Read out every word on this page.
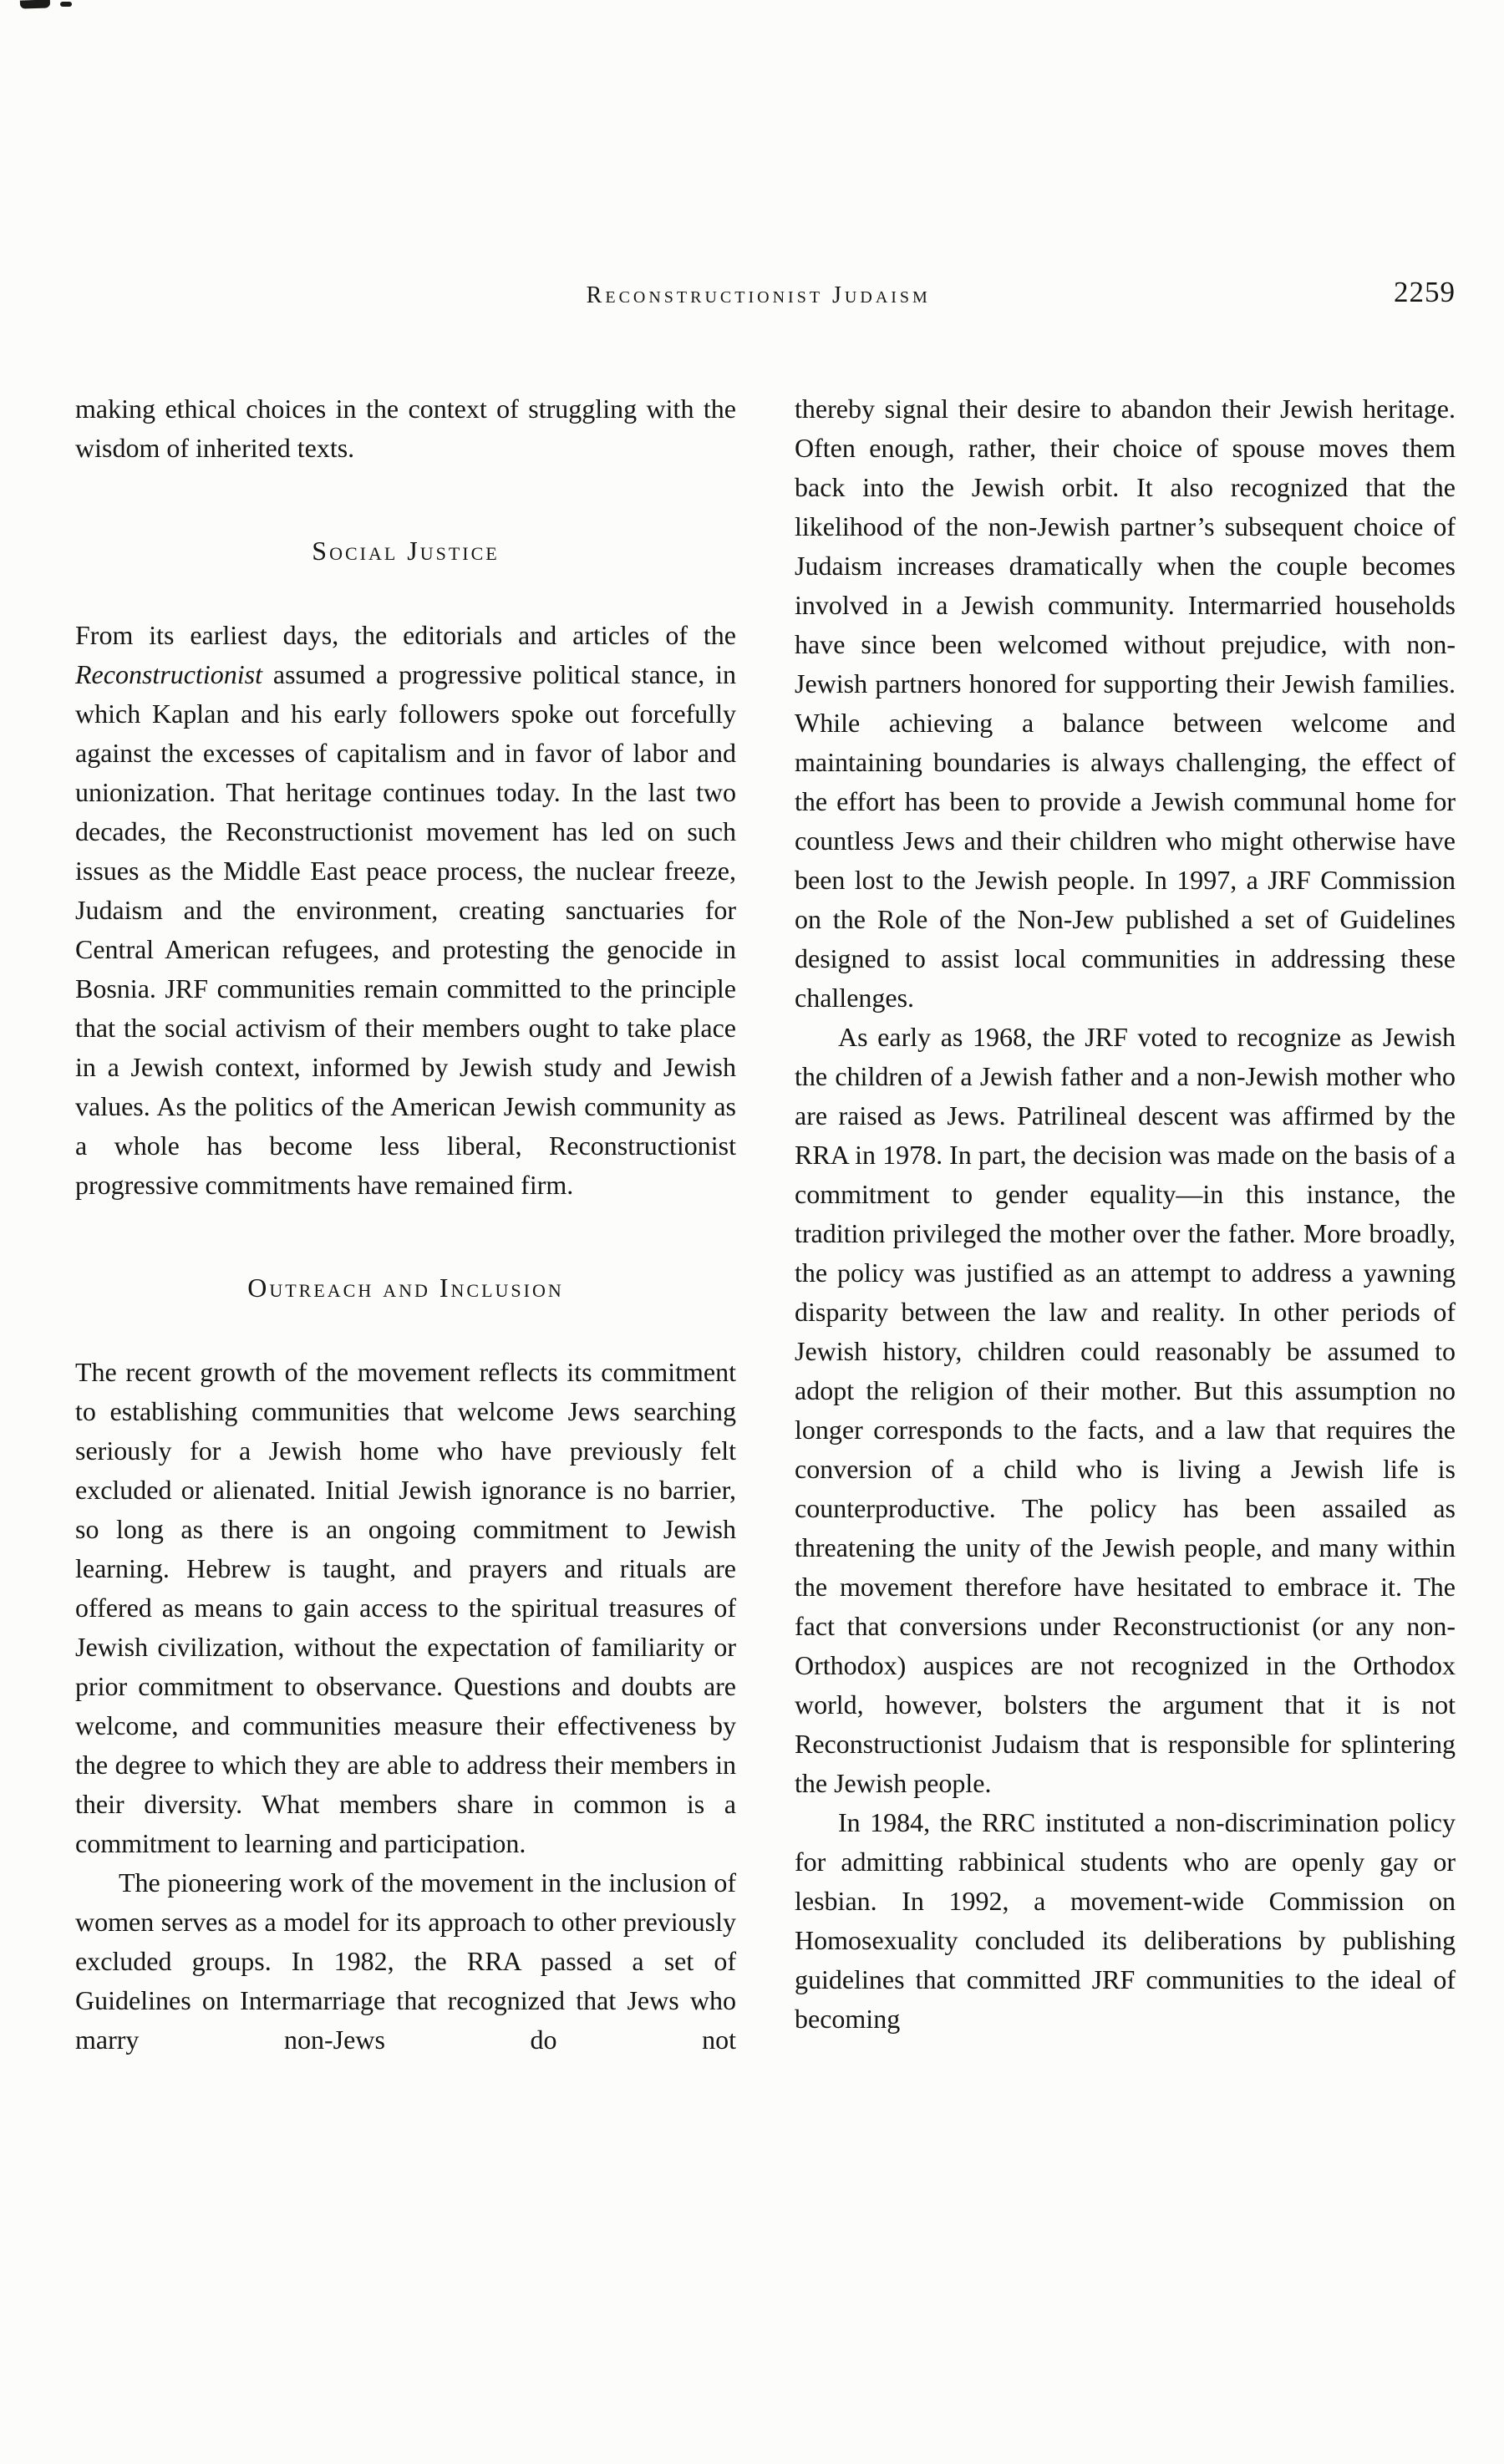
Reconstructionist Judaism	2259

making ethical choices in the context of struggling with the wisdom of inherited texts.

Social Justice

From its earliest days, the editorials and articles of the Reconstructionist assumed a progressive political stance, in which Kaplan and his early followers spoke out forcefully against the excesses of capitalism and in favor of labor and unionization. That heritage continues today. In the last two decades, the Reconstructionist movement has led on such issues as the Middle East peace process, the nuclear freeze, Judaism and the environment, creating sanctuaries for Central American refugees, and protesting the genocide in Bosnia. JRF communities remain committed to the principle that the social activism of their members ought to take place in a Jewish context, informed by Jewish study and Jewish values. As the politics of the American Jewish community as a whole has become less liberal, Reconstructionist progressive commitments have remained firm.

Outreach and Inclusion

The recent growth of the movement reflects its commitment to establishing communities that welcome Jews searching seriously for a Jewish home who have previously felt excluded or alienated. Initial Jewish ignorance is no barrier, so long as there is an ongoing commitment to Jewish learning. Hebrew is taught, and prayers and rituals are offered as means to gain access to the spiritual treasures of Jewish civilization, without the expectation of familiarity or prior commitment to observance. Questions and doubts are welcome, and communities measure their effectiveness by the degree to which they are able to address their members in their diversity. What members share in common is a commitment to learning and participation.

The pioneering work of the movement in the inclusion of women serves as a model for its approach to other previously excluded groups. In 1982, the RRA passed a set of Guidelines on Intermarriage that recognized that Jews who marry non-Jews do not

thereby signal their desire to abandon their Jewish heritage. Often enough, rather, their choice of spouse moves them back into the Jewish orbit. It also recognized that the likelihood of the non-Jewish partner’s subsequent choice of Judaism increases dramatically when the couple becomes involved in a Jewish community. Intermarried households have since been welcomed without prejudice, with non-Jewish partners honored for supporting their Jewish families. While achieving a balance between welcome and maintaining boundaries is always challenging, the effect of the effort has been to provide a Jewish communal home for countless Jews and their children who might otherwise have been lost to the Jewish people. In 1997, a JRF Commission on the Role of the Non-Jew published a set of Guidelines designed to assist local communities in addressing these challenges.

As early as 1968, the JRF voted to recognize as Jewish the children of a Jewish father and a non-Jewish mother who are raised as Jews. Patrilineal descent was affirmed by the RRA in 1978. In part, the decision was made on the basis of a commitment to gender equality—in this instance, the tradition privileged the mother over the father. More broadly, the policy was justified as an attempt to address a yawning disparity between the law and reality. In other periods of Jewish history, children could reasonably be assumed to adopt the religion of their mother. But this assumption no longer corresponds to the facts, and a law that requires the conversion of a child who is living a Jewish life is counterproductive. The policy has been assailed as threatening the unity of the Jewish people, and many within the movement therefore have hesitated to embrace it. The fact that conversions under Reconstructionist (or any non-Orthodox) auspices are not recognized in the Orthodox world, however, bolsters the argument that it is not Reconstructionist Judaism that is responsible for splintering the Jewish people.

In 1984, the RRC instituted a non-discrimination policy for admitting rabbinical students who are openly gay or lesbian. In 1992, a movement-wide Commission on Homosexuality concluded its deliberations by publishing guidelines that committed JRF communities to the ideal of becoming
